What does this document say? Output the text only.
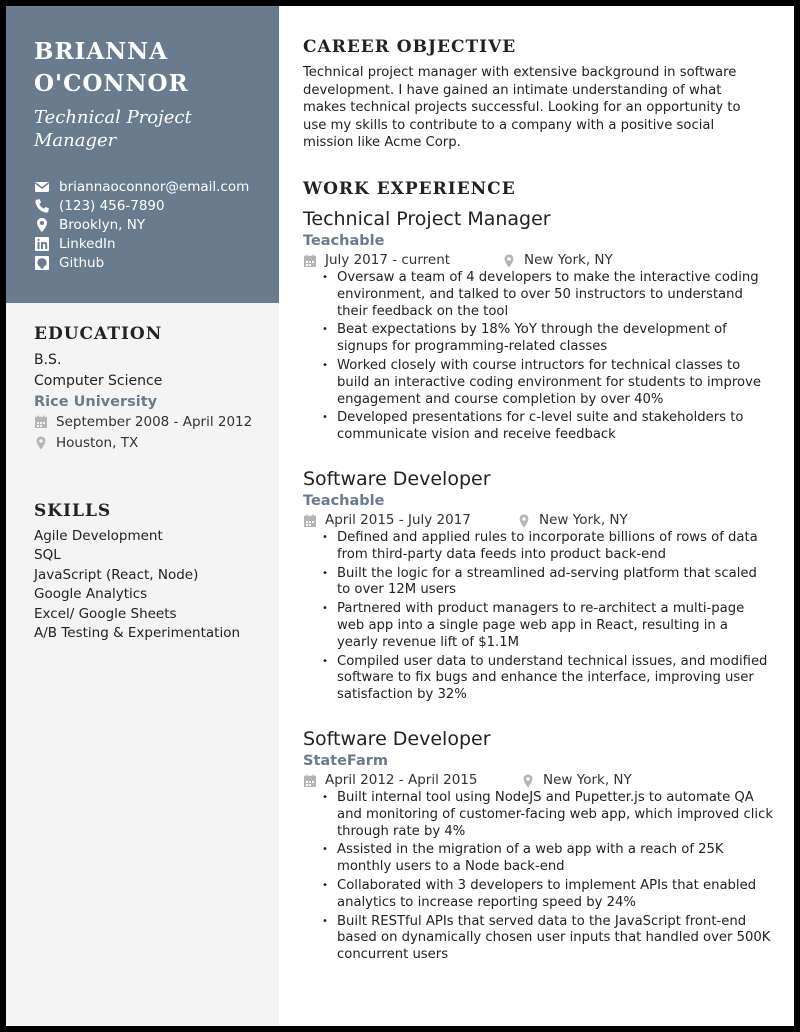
BRIANNA O'CONNOR
Technical Project Manager
briannaoconnor@email.com
(123) 456-7890
Brooklyn, NY
LinkedIn
Github
EDUCATION
B.S.
Computer Science
Rice University
September 2008 - April 2012
Houston, TX
SKILLS
Agile Development
SQL
JavaScript (React, Node)
Google Analytics
Excel/ Google Sheets
A/B Testing & Experimentation
CAREER OBJECTIVE
Technical project manager with extensive background in software development. I have gained an intimate understanding of what makes technical projects successful. Looking for an opportunity to use my skills to contribute to a company with a positive social mission like Acme Corp.
WORK EXPERIENCE
Technical Project Manager
Teachable
July 2017 - current	New York, NY
• Oversaw a team of 4 developers to make the interactive coding environment, and talked to over 50 instructors to understand their feedback on the tool
• Beat expectations by 18% YoY through the development of signups for programming-related classes
• Worked closely with course intructors for technical classes to build an interactive coding environment for students to improve engagement and course completion by over 40%
• Developed presentations for c-level suite and stakeholders to communicate vision and receive feedback
Software Developer
Teachable
April 2015 - July 2017	New York, NY
• Defined and applied rules to incorporate billions of rows of data from third-party data feeds into product back-end
• Built the logic for a streamlined ad-serving platform that scaled to over 12M users
• Partnered with product managers to re-architect a multi-page web app into a single page web app in React, resulting in a yearly revenue lift of $1.1M
• Compiled user data to understand technical issues, and modified software to fix bugs and enhance the interface, improving user satisfaction by 32%
Software Developer
StateFarm
April 2012 - April 2015	New York, NY
• Built internal tool using NodeJS and Pupetter.js to automate QA and monitoring of customer-facing web app, which improved click through rate by 4%
• Assisted in the migration of a web app with a reach of 25K monthly users to a Node back-end
• Collaborated with 3 developers to implement APIs that enabled analytics to increase reporting speed by 24%
• Built RESTful APIs that served data to the JavaScript front-end based on dynamically chosen user inputs that handled over 500K concurrent users
